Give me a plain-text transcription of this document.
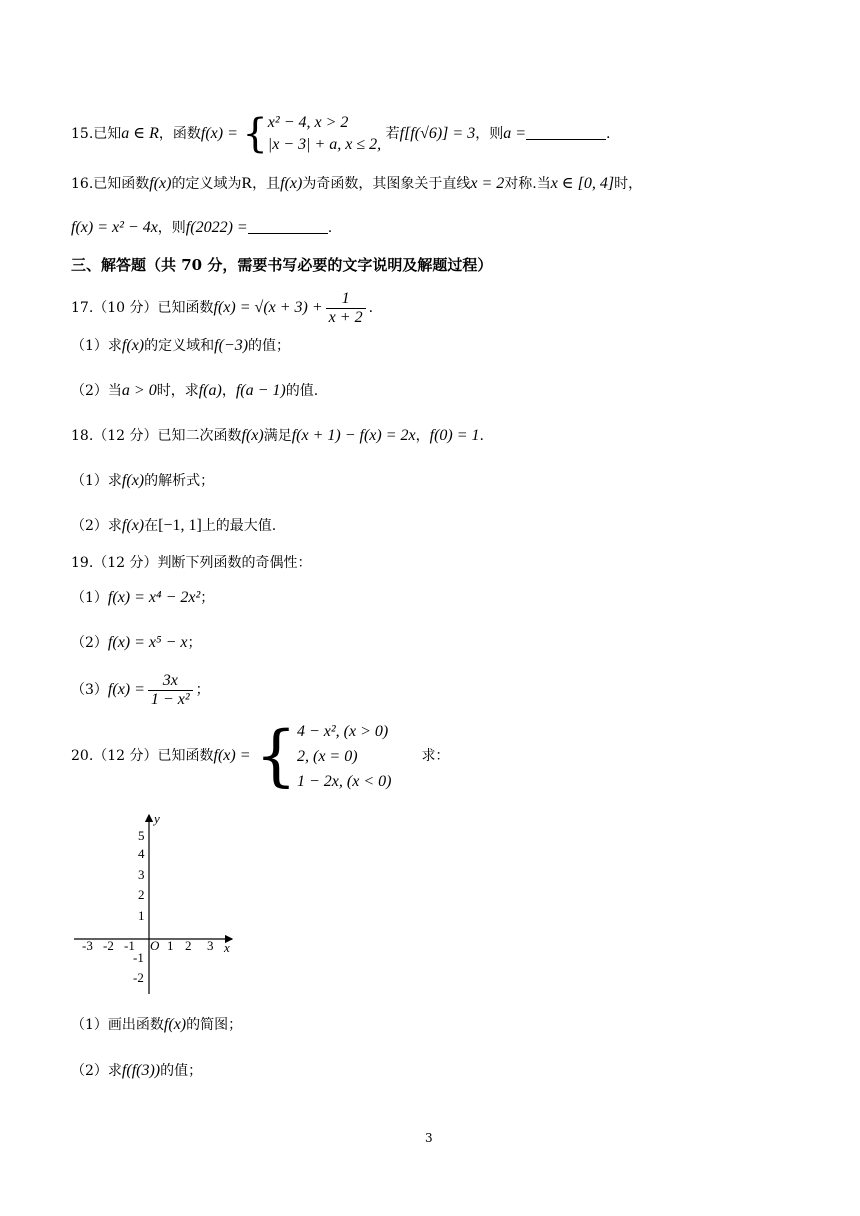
15.已知a ∈ R，函数f(x) = { x² − 4, x > 2
|x − 3| + a, x ≤ 2,
若f[f(√6)] = 3，则a =	.
16.已知函数f(x)的定义域为R，且f(x)为奇函数，其图象关于直线x = 2对称.当x ∈ [0, 4]时，
f(x) = x² − 4x，则f(2022) =	.
三、解答题（共 70 分，需要书写必要的文字说明及解题过程）
17.（10 分）已知函数$f(x) = √(x + 3) + \frac{1}{x + 2}$ .
（1）求f(x)的定义域和f(−3)的值；
（2）当a > 0时，求f(a)，f(a − 1)的值.
18.（12 分）已知二次函数f(x)满足f(x + 1) − f(x) = 2x，f(0) = 1.
（1）求f(x)的解析式；
（2）求f(x)在[−1, 1]上的最大值.
19.（12 分）判断下列函数的奇偶性：
（1）f(x) = x⁴ − 2x²；
（2）f(x) = x⁵ − x；
$(3)f(x) = \frac{3x}{\text{1 − x²}}$ ；
20.（12 分）已知函数f(x) = { 4 − x², (x > 0)
2, (x = 0)
1 − 2x, (x < 0)
求：
y
x
O
5
4
3
2
1
-1
-2
-3 -2 -1 1 2 3
（1）画出函数f(x)的简图；
（2）求f(f(3))的值；
3
